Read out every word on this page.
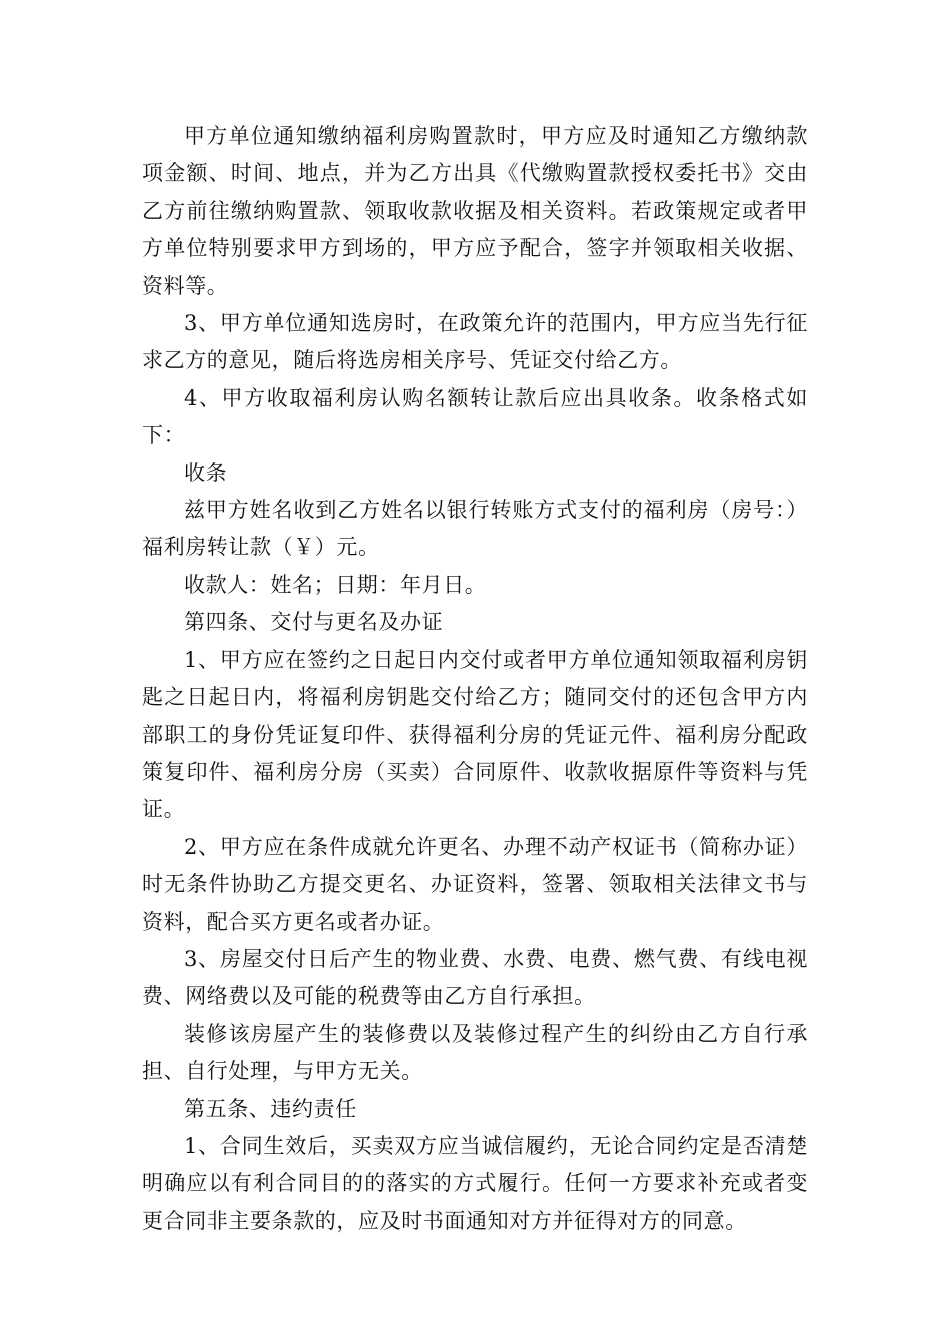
甲方单位通知缴纳福利房购置款时，甲方应及时通知乙方缴纳款项金额、时间、地点，并为乙方出具《代缴购置款授权委托书》交由乙方前往缴纳购置款、领取收款收据及相关资料。若政策规定或者甲方单位特别要求甲方到场的，甲方应予配合，签字并领取相关收据、资料等。

3、甲方单位通知选房时，在政策允许的范围内，甲方应当先行征求乙方的意见，随后将选房相关序号、凭证交付给乙方。

4、甲方收取福利房认购名额转让款后应出具收条。收条格式如下：

收条

兹甲方姓名收到乙方姓名以银行转账方式支付的福利房（房号：）福利房转让款（￥）元。

收款人：姓名；日期：年月日。

第四条、交付与更名及办证

1、甲方应在签约之日起日内交付或者甲方单位通知领取福利房钥匙之日起日内，将福利房钥匙交付给乙方；随同交付的还包含甲方内部职工的身份凭证复印件、获得福利分房的凭证元件、福利房分配政策复印件、福利房分房（买卖）合同原件、收款收据原件等资料与凭证。

2、甲方应在条件成就允许更名、办理不动产权证书（简称办证）时无条件协助乙方提交更名、办证资料，签署、领取相关法律文书与资料，配合买方更名或者办证。

3、房屋交付日后产生的物业费、水费、电费、燃气费、有线电视费、网络费以及可能的税费等由乙方自行承担。

装修该房屋产生的装修费以及装修过程产生的纠纷由乙方自行承担、自行处理，与甲方无关。

第五条、违约责任

1、合同生效后，买卖双方应当诚信履约，无论合同约定是否清楚明确应以有利合同目的的落实的方式履行。任何一方要求补充或者变更合同非主要条款的，应及时书面通知对方并征得对方的同意。
